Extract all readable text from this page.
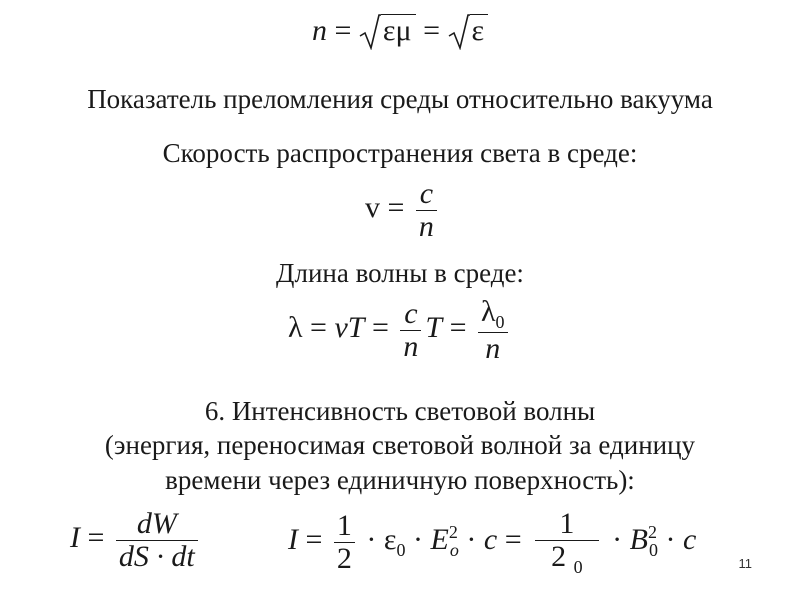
n = εμ = ε
Показатель преломления среды относительно вакуума
Скорость распространения света в среде:
$v = \frac{c}{n}$
Длина волны в среде:
λ = vT = $\frac{c}{n}$ $T = \frac{\lambda_0}{n}$
6. Интенсивность световой волны
(энергия, переносимая световой волной за единицу
времени через единичную поверхность):
$I = \frac{dW}{dS \cdot dt}$	$I = \frac{1}{2} \cdot \varepsilon_0 \cdot E^2_o \cdot c = \frac{1}{2 _0} \cdot B^2_0 \cdot c$
11
